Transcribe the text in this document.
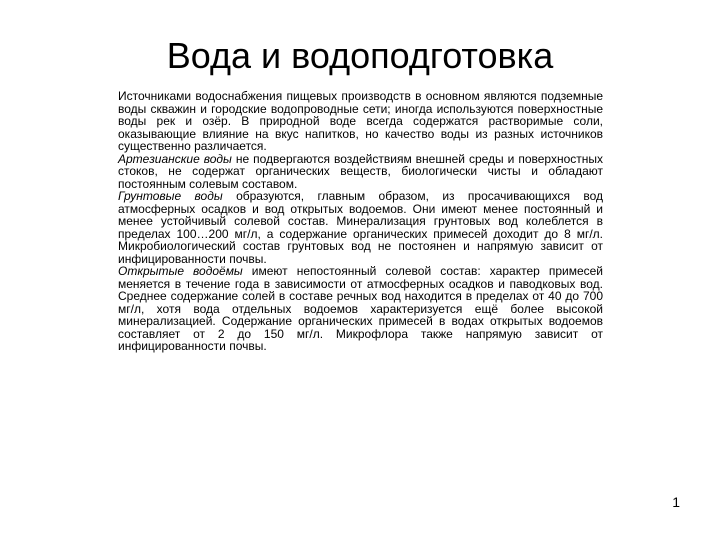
Вода и водоподготовка

Источниками водоснабжения пищевых производств в основном являются подземные воды скважин и городские водопроводные сети; иногда используются поверхностные воды рек и озёр. В природной воде всегда содержатся растворимые соли, оказывающие влияние на вкус напитков, но качество воды из разных источников существенно различается.

Артезианские воды не подвергаются воздействиям внешней среды и поверхностных стоков, не содержат органических веществ, биологически чисты и обладают постоянным солевым составом.

Грунтовые воды образуются, главным образом, из просачивающихся вод атмосферных осадков и вод открытых водоемов. Они имеют менее постоянный и менее устойчивый солевой состав. Минерализация грунтовых вод колеблется в пределах 100…200 мг/л, а содержание органических примесей доходит до 8 мг/л. Микробиологический состав грунтовых вод не постоянен и напрямую зависит от инфицированности почвы.

Открытые водоёмы имеют непостоянный солевой состав: характер примесей меняется в течение года в зависимости от атмосферных осадков и паводковых вод. Среднее содержание солей в составе речных вод находится в пределах от 40 до 700 мг/л, хотя вода отдельных водоемов характеризуется ещё более высокой минерализацией. Содержание органических примесей в водах открытых водоемов составляет от 2 до 150 мг/л. Микрофлора также напрямую зависит от инфицированности почвы.

1
